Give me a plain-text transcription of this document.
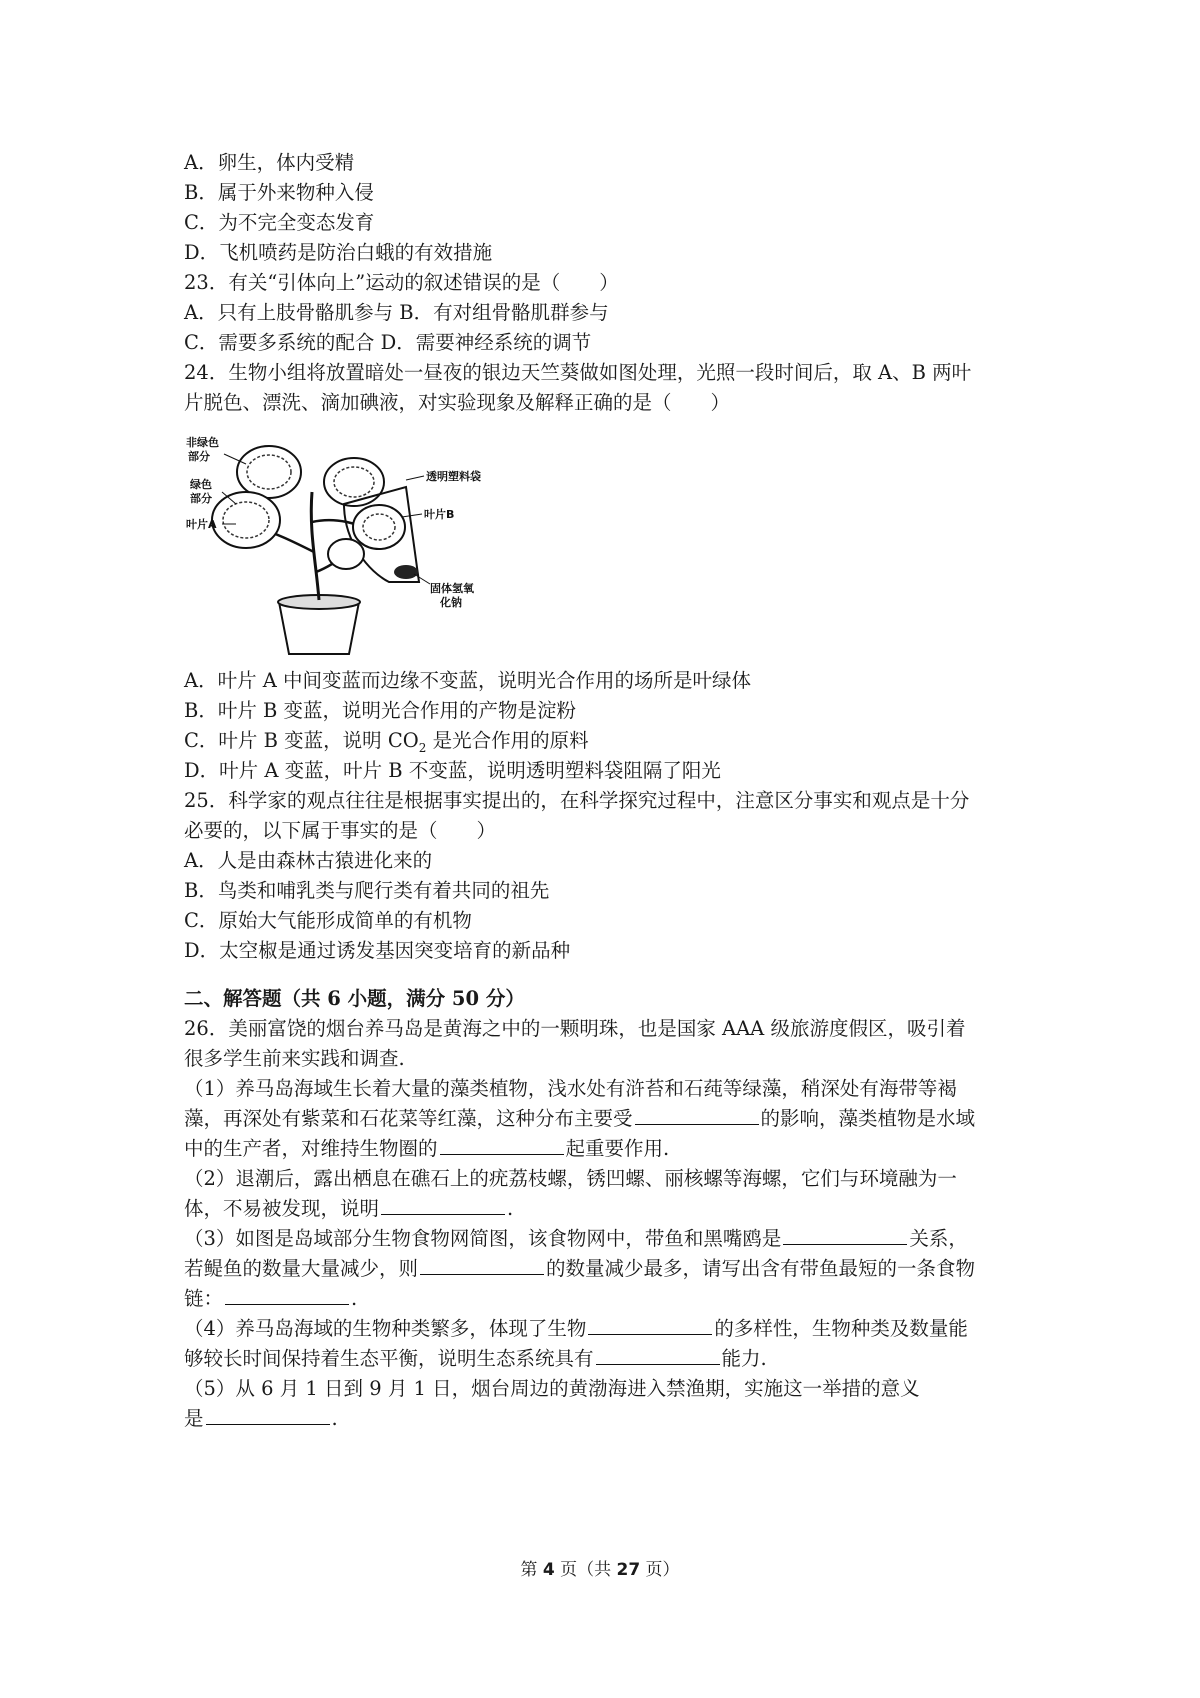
A．卵生，体内受精
B．属于外来物种入侵
C．为不完全变态发育
D．飞机喷药是防治白蛾的有效措施
23．有关“引体向上”运动的叙述错误的是（　　）
A．只有上肢骨骼肌参与 B．有对组骨骼肌群参与
C．需要多系统的配合 D．需要神经系统的调节
24．生物小组将放置暗处一昼夜的银边天竺葵做如图处理，光照一段时间后，取 A、B 两叶
片脱色、漂洗、滴加碘液，对实验现象及解释正确的是（　　）
非绿色
部分
绿色
部分
叶片A
透明塑料袋
叶片B
固体氢氧
化钠
A．叶片 A 中间变蓝而边缘不变蓝，说明光合作用的场所是叶绿体
B．叶片 B 变蓝，说明光合作用的产物是淀粉
C．叶片 B 变蓝，说明 $CO_2$ 是光合作用的原料
D．叶片 A 变蓝，叶片 B 不变蓝，说明透明塑料袋阻隔了阳光
25．科学家的观点往往是根据事实提出的，在科学探究过程中，注意区分事实和观点是十分
必要的，以下属于事实的是（　　）
A．人是由森林古猿进化来的
B．鸟类和哺乳类与爬行类有着共同的祖先
C．原始大气能形成简单的有机物
D．太空椒是通过诱发基因突变培育的新品种
二、解答题（共 6 小题，满分 50 分）
26．美丽富饶的烟台养马岛是黄海之中的一颗明珠，也是国家 AAA 级旅游度假区，吸引着
很多学生前来实践和调查.
（1）养马岛海域生长着大量的藻类植物，浅水处有浒苔和石莼等绿藻，稍深处有海带等褐
藻，再深处有紫菜和石花菜等红藻，这种分布主要受	的影响，藻类植物是水域
中的生产者，对维持生物圈的	起重要作用.
（2）退潮后，露出栖息在礁石上的疣荔枝螺，锈凹螺、丽核螺等海螺，它们与环境融为一
体，不易被发现，说明	.
（3）如图是岛域部分生物食物网简图，该食物网中，带鱼和黑嘴鸥是	关系，
若鳀鱼的数量大量减少，则	的数量减少最多，请写出含有带鱼最短的一条食物
链：	.
（4）养马岛海域的生物种类繁多，体现了生物	的多样性，生物种类及数量能
够较长时间保持着生态平衡，说明生态系统具有	能力.
（5）从 6 月 1 日到 9 月 1 日，烟台周边的黄渤海进入禁渔期，实施这一举措的意义
是	.
第 4 页（共 27 页）
